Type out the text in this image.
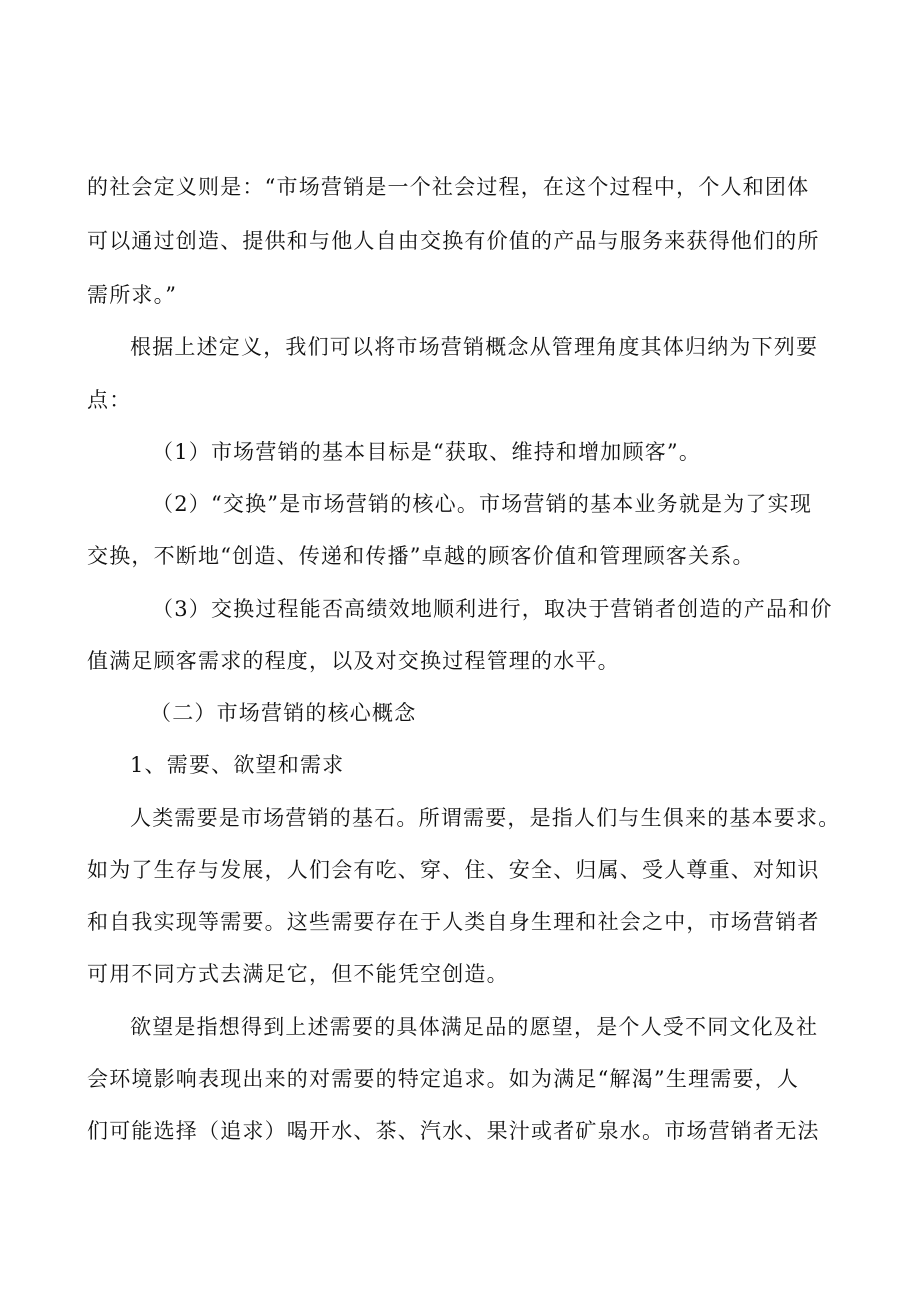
的社会定义则是：“市场营销是一个社会过程，在这个过程中，个人和团体
可以通过创造、提供和与他人自由交换有价值的产品与服务来获得他们的所
需所求。”
根据上述定义，我们可以将市场营销概念从管理角度其体归纳为下列要
点：
（1）市场营销的基本目标是“获取、维持和增加顾客”。
（2）“交换”是市场营销的核心。市场营销的基本业务就是为了实现
交换，不断地“创造、传递和传播”卓越的顾客价值和管理顾客关系。
（3）交换过程能否高绩效地顺利进行，取决于营销者创造的产品和价
值满足顾客需求的程度，以及对交换过程管理的水平。
（二）市场营销的核心概念
1、需要、欲望和需求
人类需要是市场营销的基石。所谓需要，是指人们与生俱来的基本要求。
如为了生存与发展，人们会有吃、穿、住、安全、归属、受人尊重、对知识
和自我实现等需要。这些需要存在于人类自身生理和社会之中，市场营销者
可用不同方式去满足它，但不能凭空创造。
欲望是指想得到上述需要的具体满足品的愿望，是个人受不同文化及社
会环境影响表现出来的对需要的特定追求。如为满足“解渴”生理需要，人
们可能选择（追求）喝开水、茶、汽水、果汁或者矿泉水。市场营销者无法
